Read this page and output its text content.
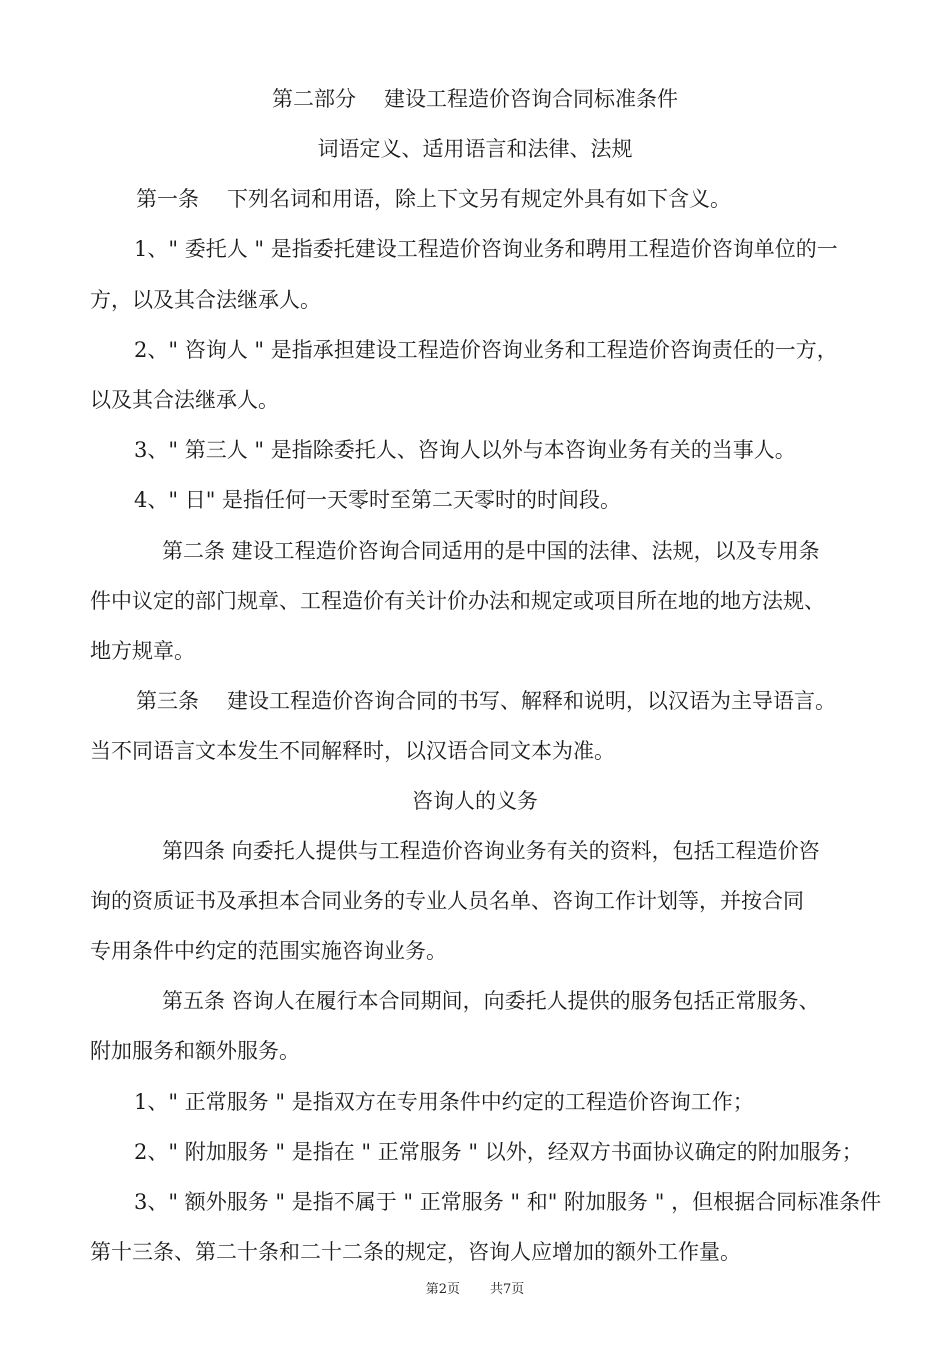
第二部分 建设工程造价咨询合同标准条件
词语定义、适用语言和法律、法规
第一条 下列名词和用语，除上下文另有规定外具有如下含义。
1、" 委托人 " 是指委托建设工程造价咨询业务和聘用工程造价咨询单位的一
方，以及其合法继承人。
2、" 咨询人 " 是指承担建设工程造价咨询业务和工程造价咨询责任的一方，
以及其合法继承人。
3、" 第三人 " 是指除委托人、咨询人以外与本咨询业务有关的当事人。
4、" 日" 是指任何一天零时至第二天零时的时间段。
第二条 建设工程造价咨询合同适用的是中国的法律、法规，以及专用条
件中议定的部门规章、工程造价有关计价办法和规定或项目所在地的地方法规、
地方规章。
第三条 建设工程造价咨询合同的书写、解释和说明，以汉语为主导语言。
当不同语言文本发生不同解释时，以汉语合同文本为准。
咨询人的义务
第四条 向委托人提供与工程造价咨询业务有关的资料，包括工程造价咨
询的资质证书及承担本合同业务的专业人员名单、咨询工作计划等，并按合同
专用条件中约定的范围实施咨询业务。
第五条 咨询人在履行本合同期间，向委托人提供的服务包括正常服务、
附加服务和额外服务。
1、" 正常服务 " 是指双方在专用条件中约定的工程造价咨询工作；
2、" 附加服务 " 是指在 " 正常服务 " 以外，经双方书面协议确定的附加服务；
3、" 额外服务 " 是指不属于 " 正常服务 " 和" 附加服务 " ，但根据合同标准条件
第十三条、第二十条和二十二条的规定，咨询人应增加的额外工作量。
第2页 共7页
